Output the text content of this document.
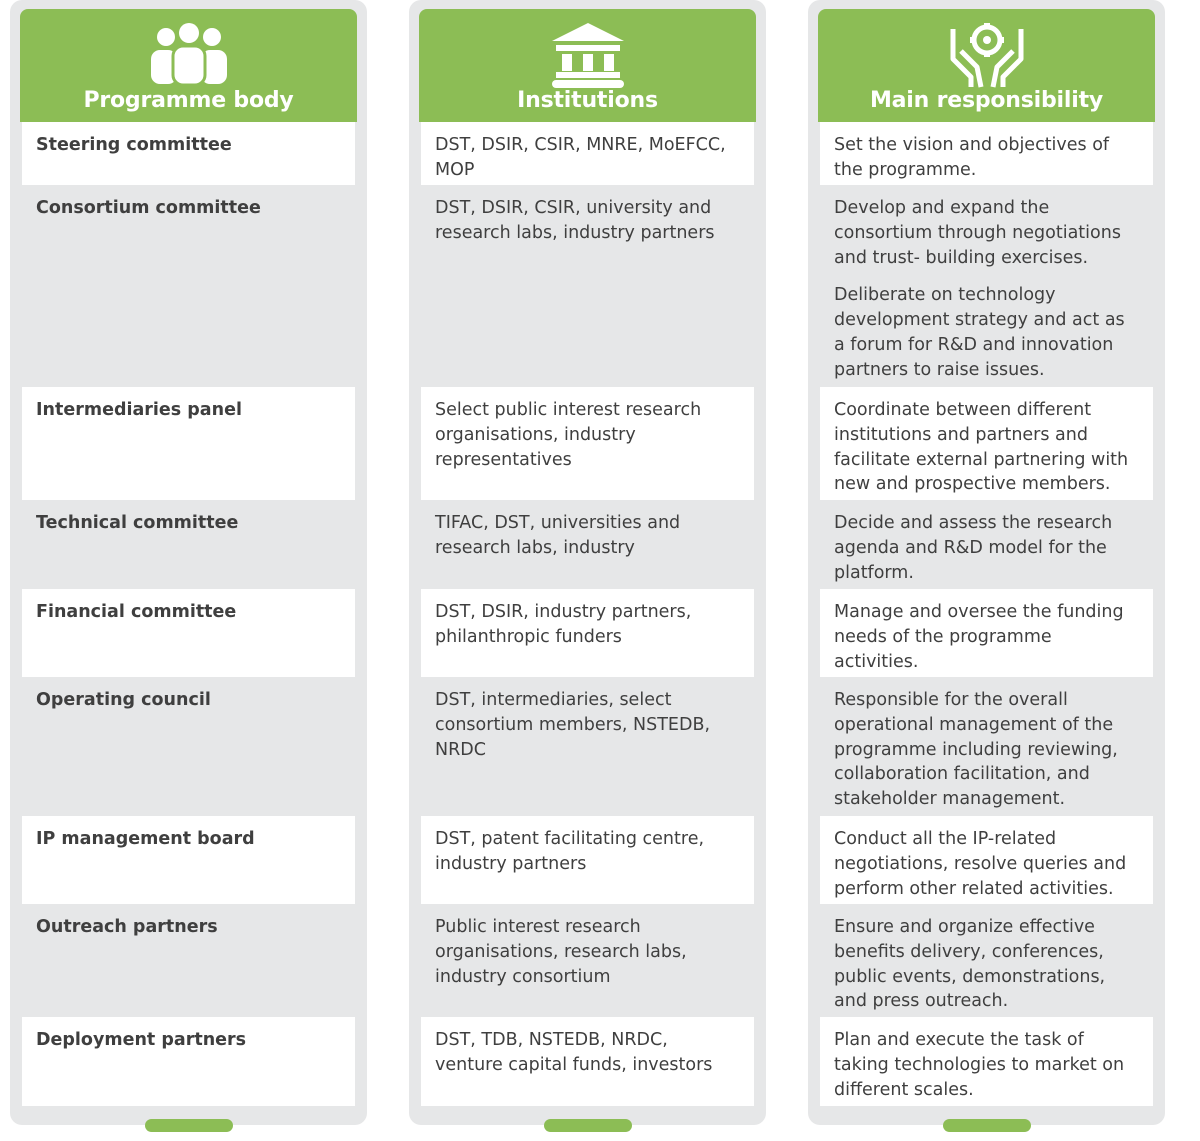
Programme body
Steering committee
Consortium committee
Intermediaries panel
Technical committee
Financial committee
Operating council
IP management board
Outreach partners
Deployment partners
Institutions
DST, DSIR, CSIR, MNRE, MoEFCC, MOP
DST, DSIR, CSIR, university and research labs, industry partners
Select public interest research organisations, industry representatives
TIFAC, DST, universities and research labs, industry
DST, DSIR, industry partners, philanthropic funders
DST, intermediaries, select consortium members, NSTEDB, NRDC
DST, patent facilitating centre, industry partners
Public interest research organisations, research labs, industry consortium
DST, TDB, NSTEDB, NRDC, venture capital funds, investors
Main responsibility
Set the vision and objectives of the programme.
Develop and expand the consortium through negotiations and trust- building exercises.
Deliberate on technology development strategy and act as a forum for R&D and innovation partners to raise issues.
Coordinate between different institutions and partners and facilitate external partnering with new and prospective members.
Decide and assess the research agenda and R&D model for the platform.
Manage and oversee the funding needs of the programme activities.
Responsible for the overall operational management of the programme including reviewing, collaboration facilitation, and stakeholder management.
Conduct all the IP-related negotiations, resolve queries and perform other related activities.
Ensure and organize effective benefits delivery, conferences, public events, demonstrations, and press outreach.
Plan and execute the task of taking technologies to market on different scales.
